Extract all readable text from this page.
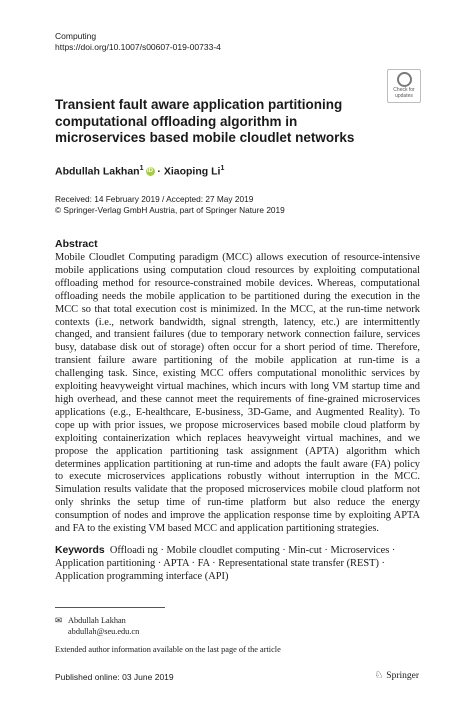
Computing
https://doi.org/10.1007/s00607-019-00733-4
Check for
updates
Transient fault aware application partitioning computational offloading algorithm in microservices based mobile cloudlet networks
Abdullah Lakhan$^1$ iD · Xiaoping Li$^1$
Received: 14 February 2019 / Accepted: 27 May 2019
© Springer-Verlag GmbH Austria, part of Springer Nature 2019
Abstract
Mobile Cloudlet Computing paradigm (MCC) allows execution of resource-intensive mobile applications using computation cloud resources by exploiting computational offloading method for resource-constrained mobile devices. Whereas, computational offloading needs the mobile application to be partitioned during the execution in the MCC so that total execution cost is minimized. In the MCC, at the run-time network contexts (i.e., network bandwidth, signal strength, latency, etc.) are intermittently changed, and transient failures (due to temporary network connection failure, services busy, database disk out of storage) often occur for a short period of time. Therefore, transient failure aware partitioning of the mobile application at run-time is a challenging task. Since, existing MCC offers computational monolithic services by exploiting heavyweight virtual machines, which incurs with long VM startup time and high overhead, and these cannot meet the requirements of fine-grained microservices applications (e.g., E-healthcare, E-business, 3D-Game, and Augmented Reality). To cope up with prior issues, we propose microservices based mobile cloud platform by exploiting containerization which replaces heavyweight virtual machines, and we propose the application partitioning task assignment (APTA) algorithm which determines application partitioning at run-time and adopts the fault aware (FA) policy to execute microservices applications robustly without interruption in the MCC. Simulation results validate that the proposed microservices mobile cloud platform not only shrinks the setup time of run-time platform but also reduce the energy consumption of nodes and improve the application response time by exploiting APTA and FA to the existing VM based MCC and application partitioning strategies.
Keywords Offloadi ng · Mobile cloudlet computing · Min-cut · Microservices · Application partitioning · APTA · FA · Representational state transfer (REST) · Application programming interface (API)
✉ Abdullah Lakhan
abdullah@seu.edu.cn
Extended author information available on the last page of the article
Published online: 03 June 2019	♘ Springer
